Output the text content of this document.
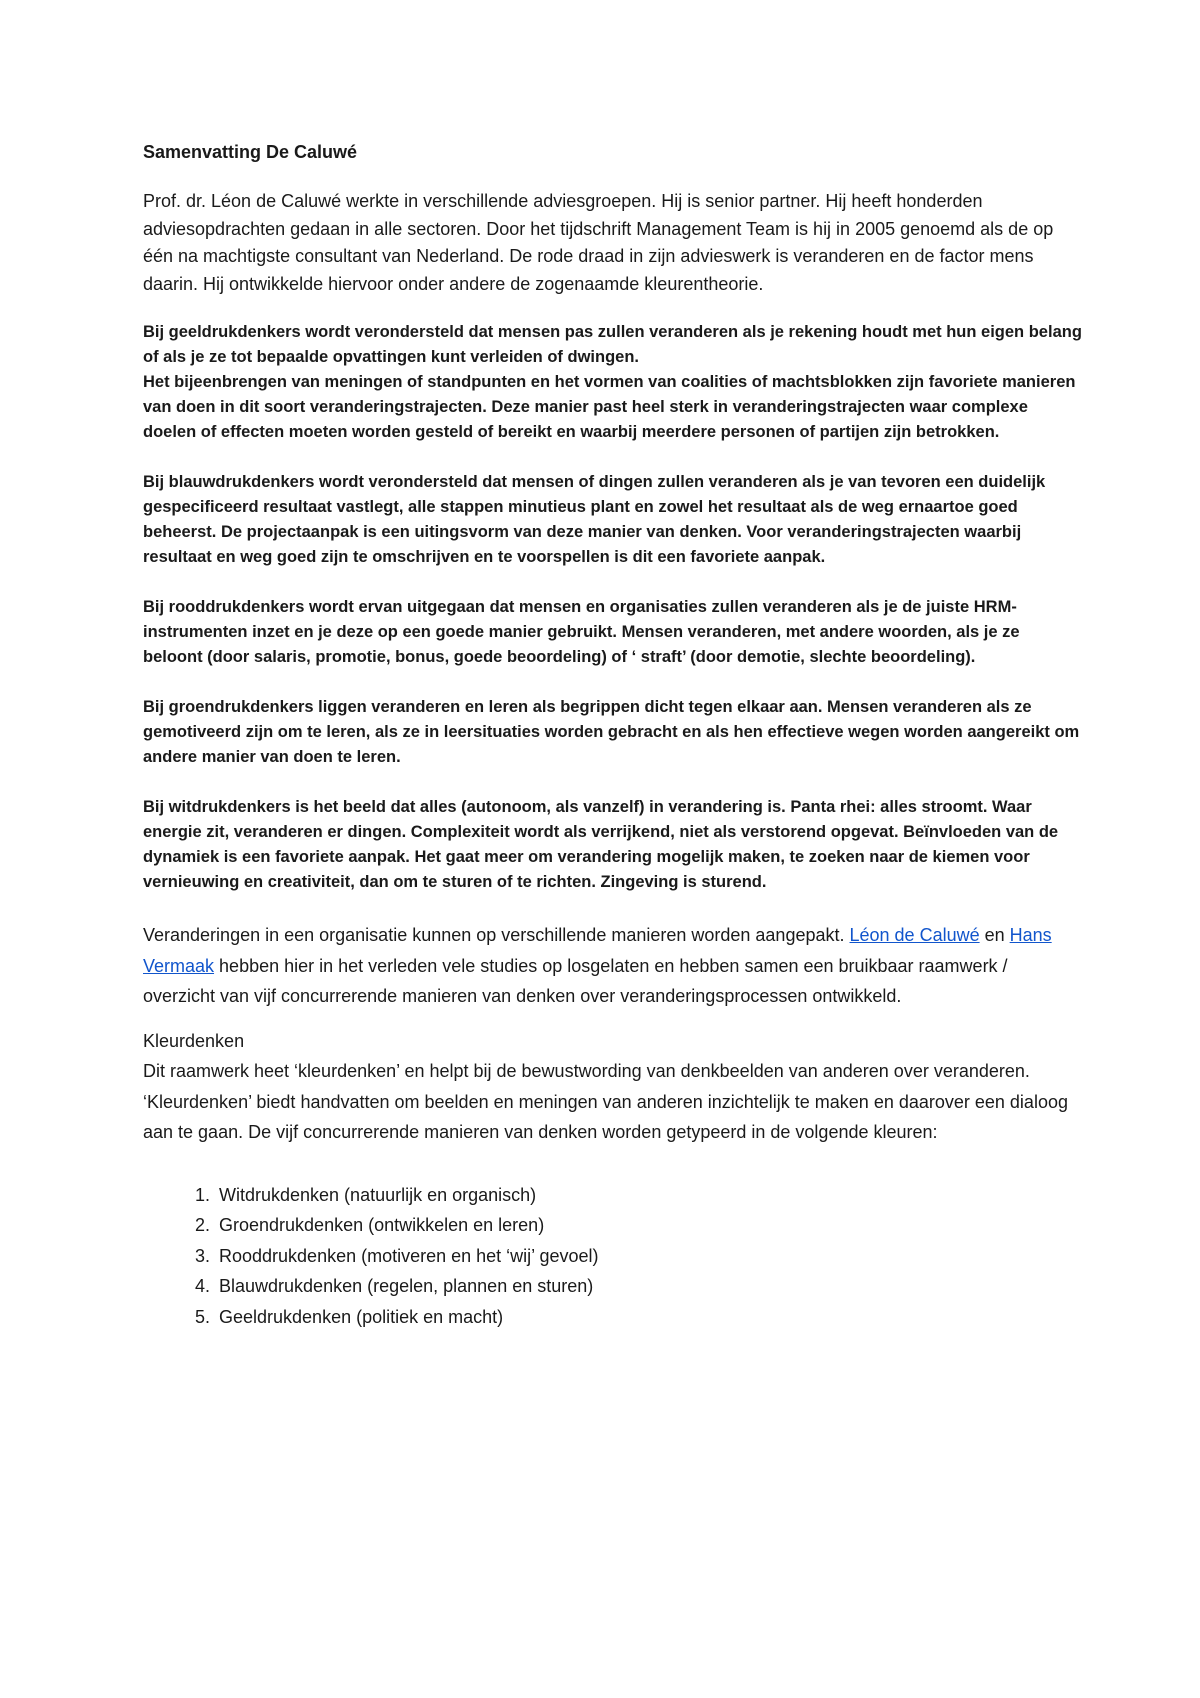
Samenvatting De Caluwé

Prof. dr. Léon de Caluwé werkte in verschillende adviesgroepen. Hij is senior partner. Hij heeft honderden adviesopdrachten gedaan in alle sectoren. Door het tijdschrift Management Team is hij in 2005 genoemd als de op één na machtigste consultant van Nederland. De rode draad in zijn advieswerk is veranderen en de factor mens daarin. Hij ontwikkelde hiervoor onder andere de zogenaamde kleurentheorie.

Bij geeldrukdenkers wordt verondersteld dat mensen pas zullen veranderen als je rekening houdt met hun eigen belang of als je ze tot bepaalde opvattingen kunt verleiden of dwingen.
Het bijeenbrengen van meningen of standpunten en het vormen van coalities of machtsblokken zijn favoriete manieren van doen in dit soort veranderingstrajecten. Deze manier past heel sterk in veranderingstrajecten waar complexe doelen of effecten moeten worden gesteld of bereikt en waarbij meerdere personen of partijen zijn betrokken.

Bij blauwdrukdenkers wordt verondersteld dat mensen of dingen zullen veranderen als je van tevoren een duidelijk gespecificeerd resultaat vastlegt, alle stappen minutieus plant en zowel het resultaat als de weg ernaartoe goed beheerst. De projectaanpak is een uitingsvorm van deze manier van denken. Voor veranderingstrajecten waarbij resultaat en weg goed zijn te omschrijven en te voorspellen is dit een favoriete aanpak.

Bij rooddrukdenkers wordt ervan uitgegaan dat mensen en organisaties zullen veranderen als je de juiste HRM-instrumenten inzet en je deze op een goede manier gebruikt. Mensen veranderen, met andere woorden, als je ze beloont (door salaris, promotie, bonus, goede beoordeling) of ‘ straft’ (door demotie, slechte beoordeling).

Bij groendrukdenkers liggen veranderen en leren als begrippen dicht tegen elkaar aan. Mensen veranderen als ze gemotiveerd zijn om te leren, als ze in leersituaties worden gebracht en als hen effectieve wegen worden aangereikt om andere manier van doen te leren.

Bij witdrukdenkers is het beeld dat alles (autonoom, als vanzelf) in verandering is. Panta rhei: alles stroomt. Waar energie zit, veranderen er dingen. Complexiteit wordt als verrijkend, niet als verstorend opgevat. Beïnvloeden van de dynamiek is een favoriete aanpak. Het gaat meer om verandering mogelijk maken, te zoeken naar de kiemen voor vernieuwing en creativiteit, dan om te sturen of te richten. Zingeving is sturend.

Veranderingen in een organisatie kunnen op verschillende manieren worden aangepakt. Léon de Caluwé en Hans Vermaak hebben hier in het verleden vele studies op losgelaten en hebben samen een bruikbaar raamwerk / overzicht van vijf concurrerende manieren van denken over veranderingsprocessen ontwikkeld.

Kleurdenken
Dit raamwerk heet ‘kleurdenken’ en helpt bij de bewustwording van denkbeelden van anderen over veranderen. ‘Kleurdenken’ biedt handvatten om beelden en meningen van anderen inzichtelijk te maken en daarover een dialoog aan te gaan. De vijf concurrerende manieren van denken worden getypeerd in de volgende kleuren:

1. Witdrukdenken (natuurlijk en organisch)
2. Groendrukdenken (ontwikkelen en leren)
3. Rooddrukdenken (motiveren en het ‘wij’ gevoel)
4. Blauwdrukdenken (regelen, plannen en sturen)
5. Geeldrukdenken (politiek en macht)
